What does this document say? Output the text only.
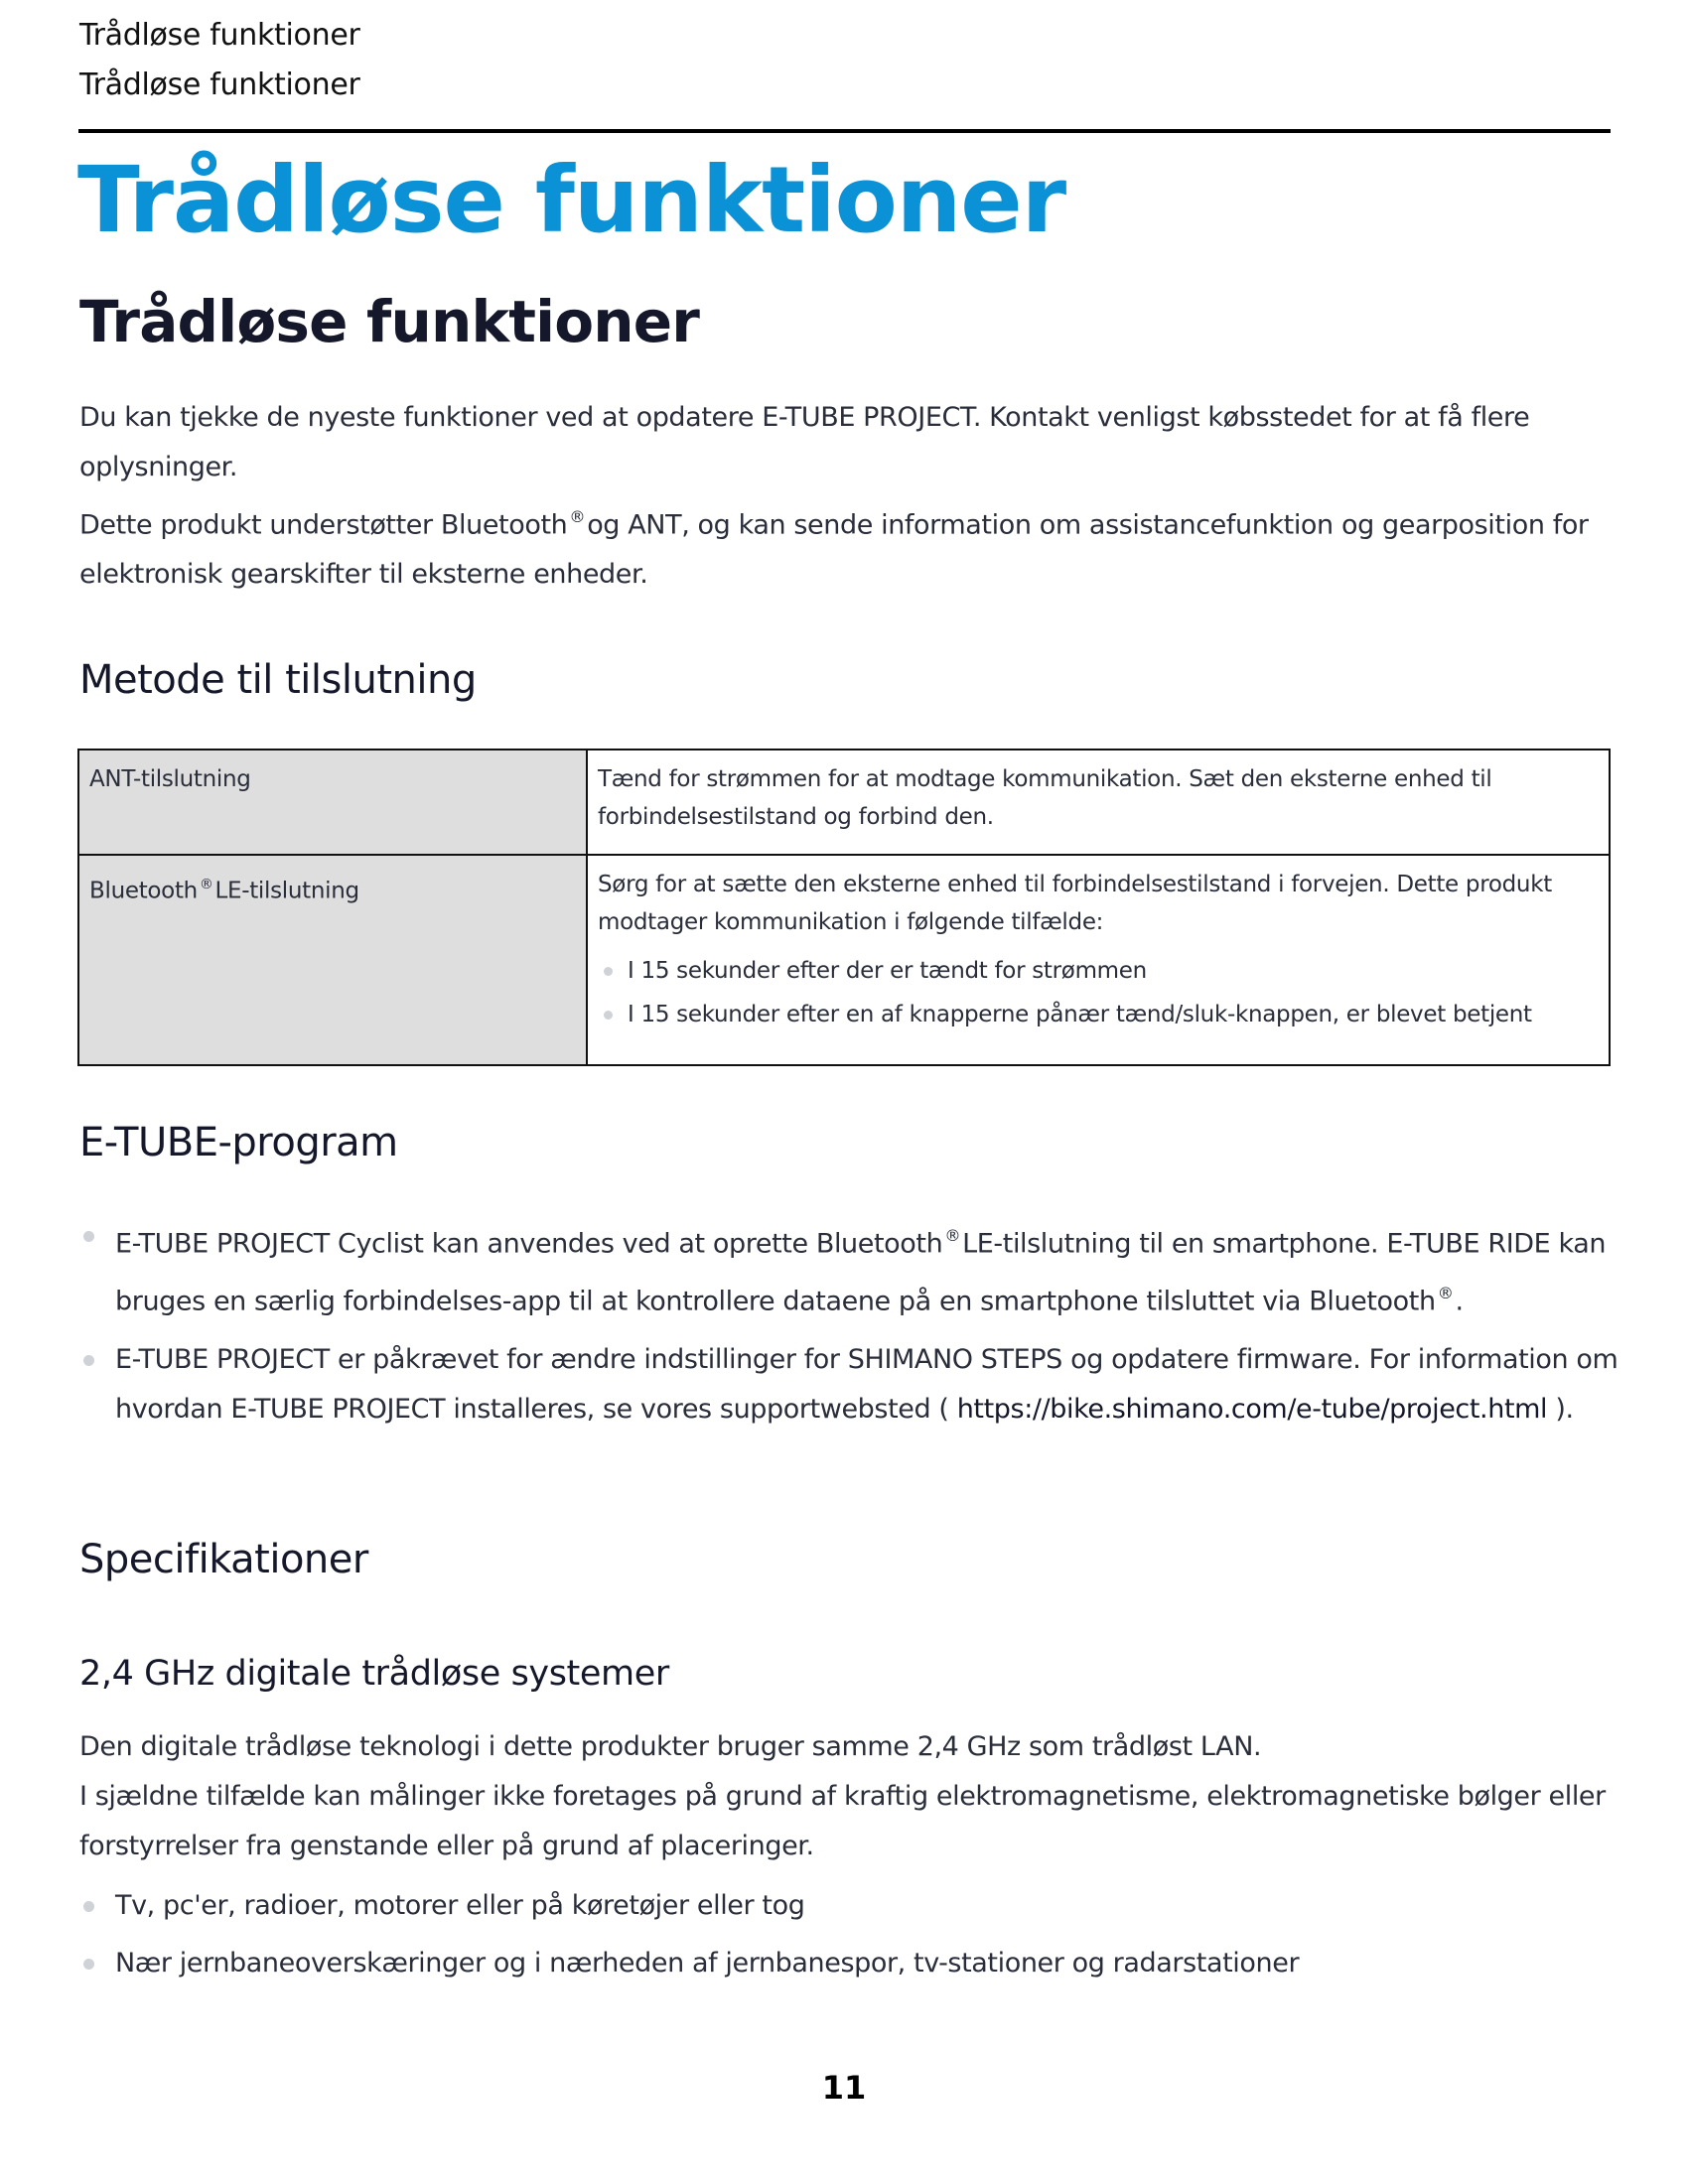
Trådløse funktioner
Trådløse funktioner
Trådløse funktioner
Trådløse funktioner

Du kan tjekke de nyeste funktioner ved at opdatere E-TUBE PROJECT. Kontakt venligst købsstedet for at få flere oplysninger.

Dette produkt understøtter Bluetooth ®og ANT, og kan sende information om assistancefunktion og gearposition for elektronisk gearskifter til eksterne enheder.

Metode til tilslutning
ANT-tilslutning	Tænd for strømmen for at modtage kommunikation. Sæt den eksterne enhed til forbindelsestilstand og forbind den.
Bluetooth ®LE-tilslutning	Sørg for at sætte den eksterne enhed til forbindelsestilstand i forvejen. Dette produkt modtager kommunikation i følgende tilfælde:
I 15 sekunder efter der er tændt for strømmen
I 15 sekunder efter en af knapperne pånær tænd/sluk-knappen, er blevet betjent
E-TUBE-program
E-TUBE PROJECT Cyclist kan anvendes ved at oprette Bluetooth ®LE-tilslutning til en smartphone. E-TUBE RIDE kan bruges en særlig forbindelses-app til at kontrollere dataene på en smartphone tilsluttet via Bluetooth ®.
E-TUBE PROJECT er påkrævet for ændre indstillinger for SHIMANO STEPS og opdatere firmware. For information om hvordan E-TUBE PROJECT installeres, se vores supportwebsted ( https://bike.shimano.com/e-tube/project.html ).
Specifikationer
2,4 GHz digitale trådløse systemer

Den digitale trådløse teknologi i dette produkter bruger samme 2,4 GHz som trådløst LAN.

I sjældne tilfælde kan målinger ikke foretages på grund af kraftig elektromagnetisme, elektromagnetiske bølger eller forstyrrelser fra genstande eller på grund af placeringer.

Tv, pc'er, radioer, motorer eller på køretøjer eller tog
Nær jernbaneoverskæringer og i nærheden af jernbanespor, tv-stationer og radarstationer
11
